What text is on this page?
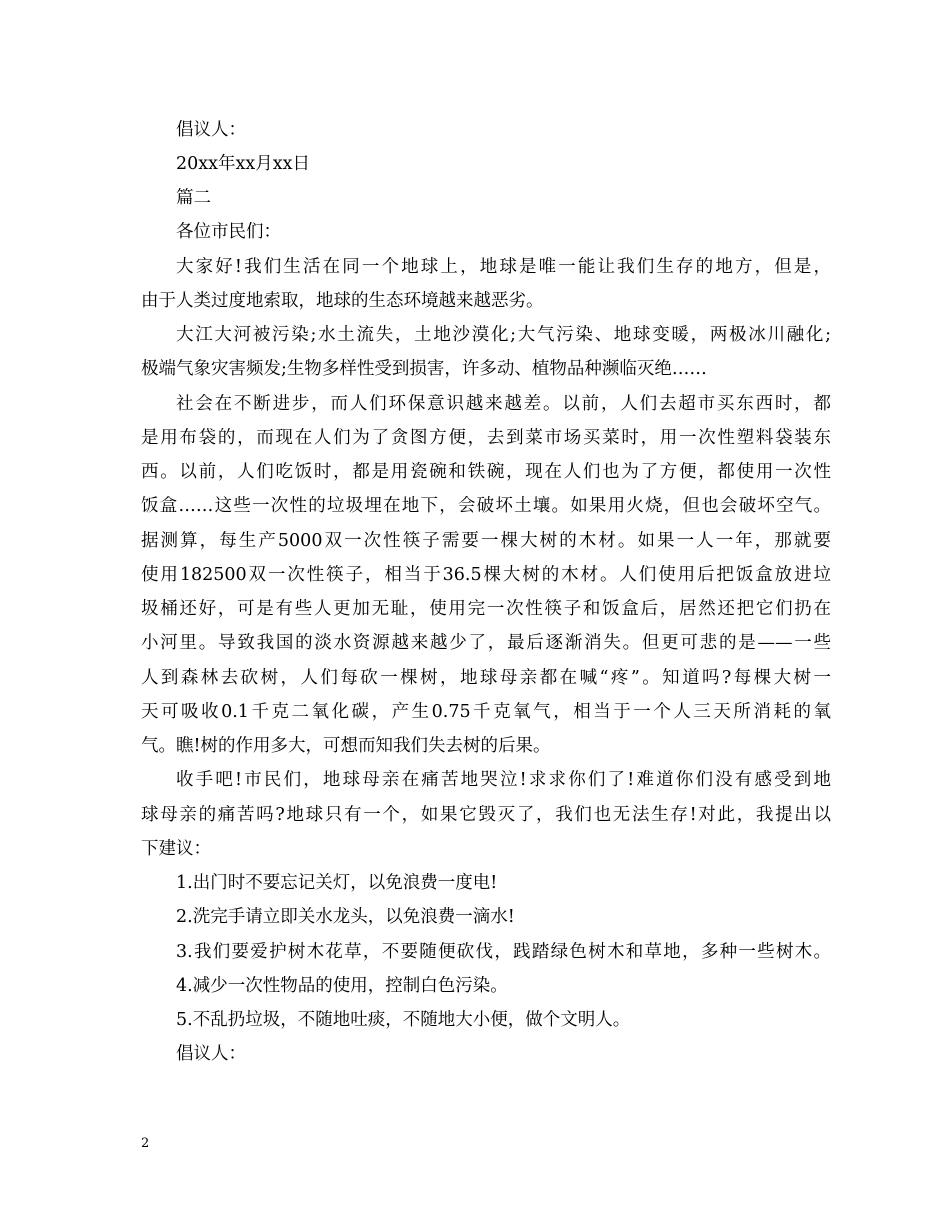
倡议人：
20xx年xx月xx日
篇二
各位市民们：
大家好!我们生活在同一个地球上，地球是唯一能让我们生存的地方，但是，
由于人类过度地索取，地球的生态环境越来越恶劣。
大江大河被污染;水土流失，土地沙漠化;大气污染、地球变暖，两极冰川融化;
极端气象灾害频发;生物多样性受到损害，许多动、植物品种濒临灭绝……
社会在不断进步，而人们环保意识越来越差。以前，人们去超市买东西时，都
是用布袋的，而现在人们为了贪图方便，去到菜市场买菜时，用一次性塑料袋装东
西。以前，人们吃饭时，都是用瓷碗和铁碗，现在人们也为了方便，都使用一次性
饭盒……这些一次性的垃圾埋在地下，会破坏土壤。如果用火烧，但也会破坏空气。
据测算，每生产5000双一次性筷子需要一棵大树的木材。如果一人一年，那就要
使用182500双一次性筷子，相当于36.5棵大树的木材。人们使用后把饭盒放进垃
圾桶还好，可是有些人更加无耻，使用完一次性筷子和饭盒后，居然还把它们扔在
小河里。导致我国的淡水资源越来越少了，最后逐渐消失。但更可悲的是——一些
人到森林去砍树，人们每砍一棵树，地球母亲都在喊“疼”。知道吗?每棵大树一
天可吸收0.1千克二氧化碳，产生0.75千克氧气，相当于一个人三天所消耗的氧
气。瞧!树的作用多大，可想而知我们失去树的后果。
收手吧!市民们，地球母亲在痛苦地哭泣!求求你们了!难道你们没有感受到地
球母亲的痛苦吗?地球只有一个，如果它毁灭了，我们也无法生存!对此，我提出以
下建议：
1.出门时不要忘记关灯，以免浪费一度电!
2.洗完手请立即关水龙头，以免浪费一滴水!
3.我们要爱护树木花草，不要随便砍伐，践踏绿色树木和草地，多种一些树木。
4.减少一次性物品的使用，控制白色污染。
5.不乱扔垃圾，不随地吐痰，不随地大小便，做个文明人。
倡议人：
2
